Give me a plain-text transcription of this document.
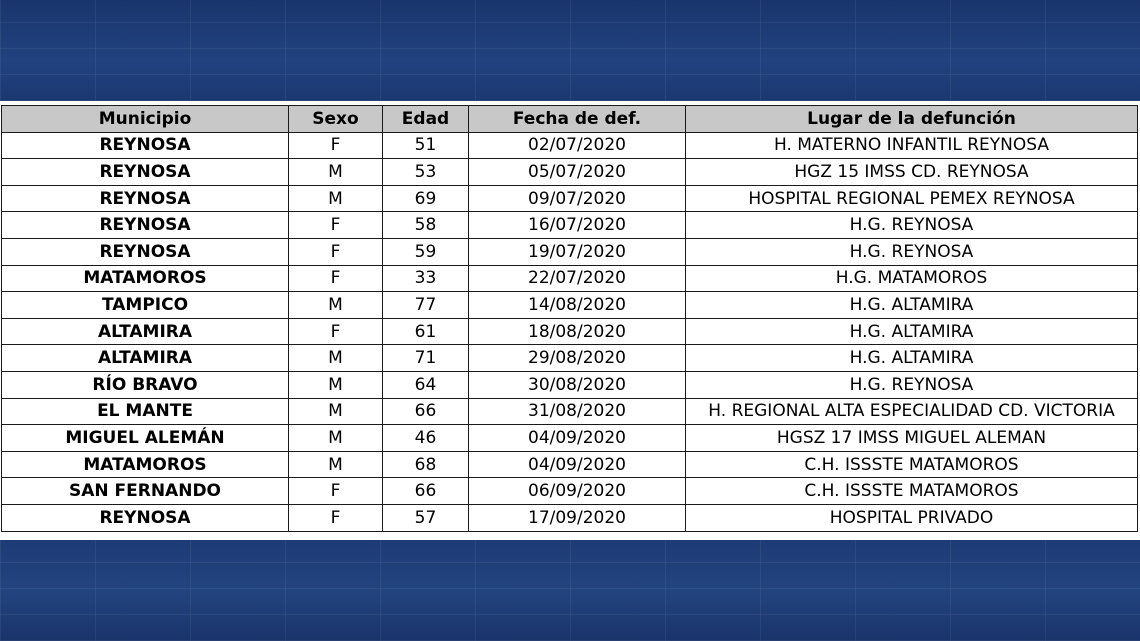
Municipio	Sexo	Edad	Fecha de def.	Lugar de la defunción
REYNOSA	F	51	02/07/2020	H. MATERNO INFANTIL REYNOSA
REYNOSA	M	53	05/07/2020	HGZ 15 IMSS CD. REYNOSA
REYNOSA	M	69	09/07/2020	HOSPITAL REGIONAL PEMEX REYNOSA
REYNOSA	F	58	16/07/2020	H.G. REYNOSA
REYNOSA	F	59	19/07/2020	H.G. REYNOSA
MATAMOROS	F	33	22/07/2020	H.G. MATAMOROS
TAMPICO	M	77	14/08/2020	H.G. ALTAMIRA
ALTAMIRA	F	61	18/08/2020	H.G. ALTAMIRA
ALTAMIRA	M	71	29/08/2020	H.G. ALTAMIRA
RÍO BRAVO	M	64	30/08/2020	H.G. REYNOSA
EL MANTE	M	66	31/08/2020	H. REGIONAL ALTA ESPECIALIDAD CD. VICTORIA
MIGUEL ALEMÁN	M	46	04/09/2020	HGSZ 17 IMSS MIGUEL ALEMAN
MATAMOROS	M	68	04/09/2020	C.H. ISSSTE MATAMOROS
SAN FERNANDO	F	66	06/09/2020	C.H. ISSSTE MATAMOROS
REYNOSA	F	57	17/09/2020	HOSPITAL PRIVADO
